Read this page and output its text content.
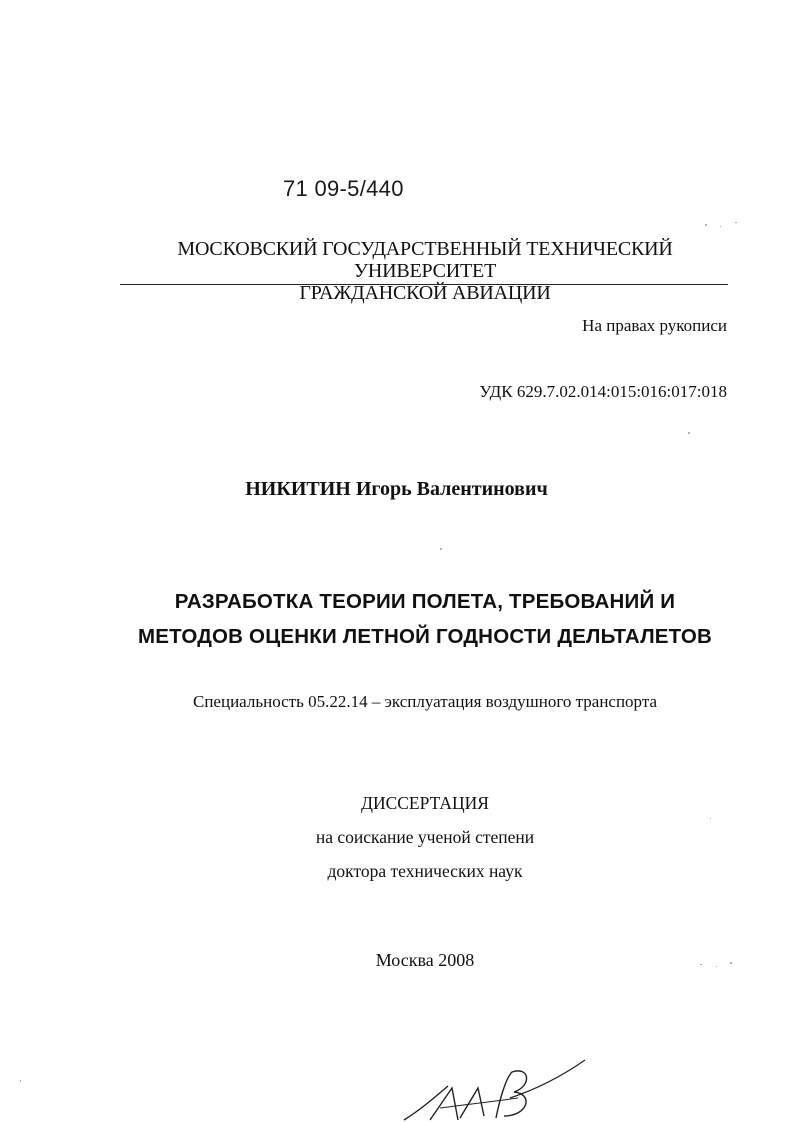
71 09-5/440
МОСКОВСКИЙ ГОСУДАРСТВЕННЫЙ ТЕХНИЧЕСКИЙ УНИВЕРСИТЕТ
ГРАЖДАНСКОЙ АВИАЦИИ
На правах рукописи
УДК 629.7.02.014:015:016:017:018
НИКИТИН Игорь Валентинович
РАЗРАБОТКА ТЕОРИИ ПОЛЕТА, ТРЕБОВАНИЙ И
МЕТОДОВ ОЦЕНКИ ЛЕТНОЙ ГОДНОСТИ ДЕЛЬТАЛЕТОВ
Специальность 05.22.14 – эксплуатация воздушного транспорта
ДИССЕРТАЦИЯ
на соискание ученой степени
доктора технических наук
Москва 2008
